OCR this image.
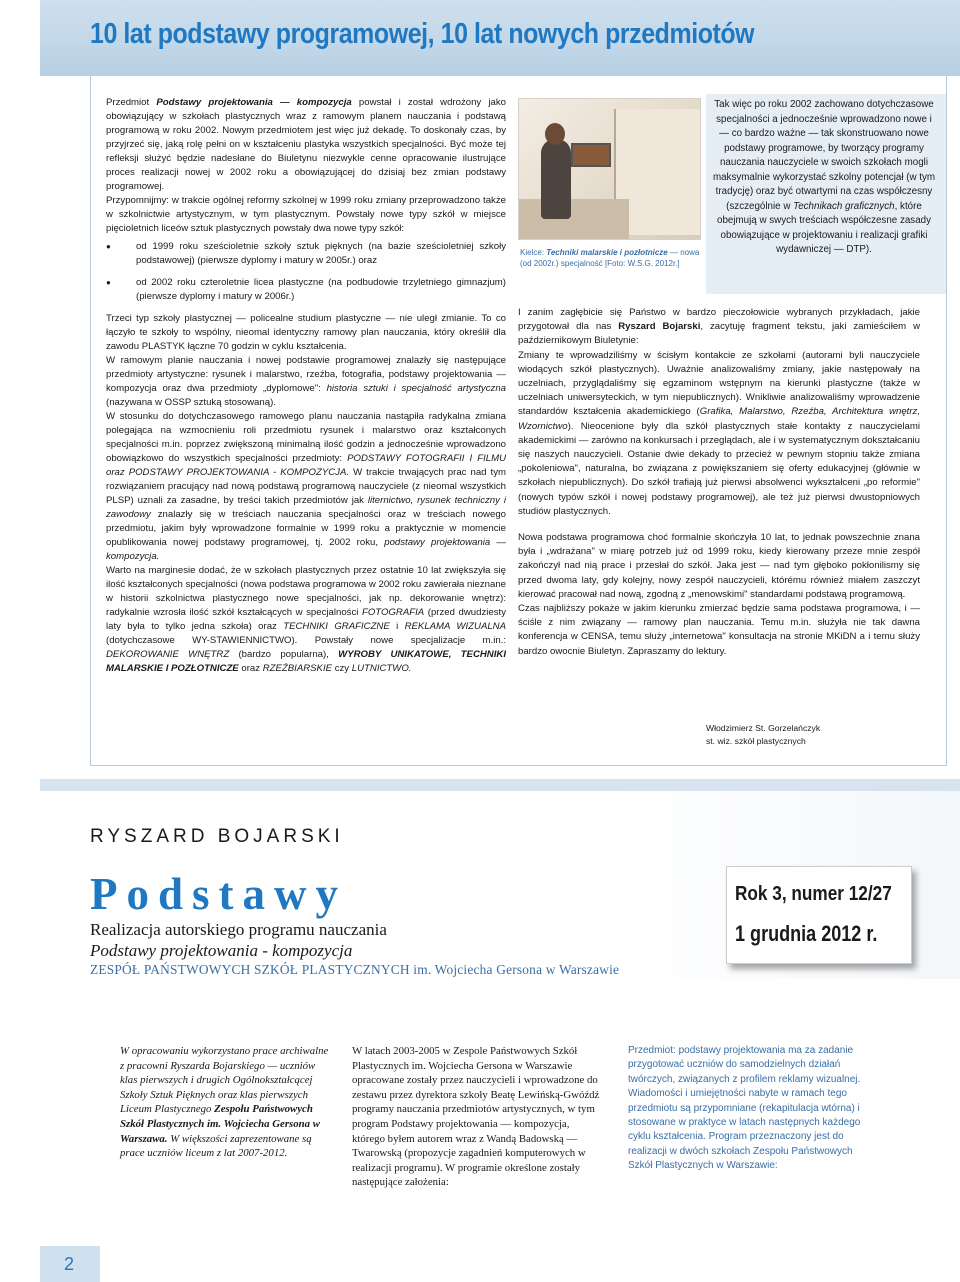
10 lat podstawy programowej, 10 lat nowych przedmiotów

Przedmiot Podstawy projektowania — kompozycja powstał i został wdrożony jako obowiązujący w szkołach plastycznych wraz z ramowym planem nauczania i podstawą programową w roku 2002. Nowym przedmiotem jest więc już dekadę. To doskonały czas, by przyjrzeć się, jaką rolę pełni on w kształceniu plastyka wszystkich specjalności. Być może tej refleksji służyć będzie nadesłane do Biuletynu niezwykle cenne opracowanie ilustrujące proces realizacji nowej w 2002 roku a obowiązującej do dzisiaj bez zmian podstawy programowej.

Przypomnijmy: w trakcie ogólnej reformy szkolnej w 1999 roku zmiany przeprowadzono także w szkolnictwie artystycznym, w tym plastycznym. Powstały nowe typy szkół w miejsce pięcioletnich liceów sztuk plastycznych powstały dwa nowe typy szkół:

● od 1999 roku sześcioletnie szkoły sztuk pięknych (na bazie sześcioletniej szkoły podstawowej) (pierwsze dyplomy i matury w 2005r.) oraz
● od 2002 roku czteroletnie licea plastyczne (na podbudowie trzyletniego gimnazjum) (pierwsze dyplomy i matury w 2006r.)

Trzeci typ szkoły plastycznej — policealne studium plastyczne — nie uległ zmianie. To co łączyło te szkoły to wspólny, nieomal identyczny ramowy plan nauczania, który określił dla zawodu PLASTYK łączne 70 godzin w cyklu kształcenia.

W ramowym planie nauczania i nowej podstawie programowej znalazły się następujące przedmioty artystyczne: rysunek i malarstwo, rzeźba, fotografia, podstawy projektowania — kompozycja oraz dwa przedmioty „dyplomowe": historia sztuki i specjalność artystyczna (nazywana w OSSP sztuką stosowaną).

W stosunku do dotychczasowego ramowego planu nauczania nastąpiła radykalna zmiana polegająca na wzmocnieniu roli przedmiotu rysunek i malarstwo oraz kształconych specjalności m.in. poprzez zwiększoną minimalną ilość godzin a jednocześnie wprowadzono obowiązkowo do wszystkich specjalności przedmioty: PODSTAWY FOTOGRAFII I FILMU oraz PODSTAWY PROJEKTOWANIA - KOMPOZYCJA. W trakcie trwających prac nad tym rozwiązaniem pracujący nad nową podstawą programową nauczyciele (z nieomal wszystkich PLSP) uznali za zasadne, by treści takich przedmiotów jak liternictwo, rysunek techniczny i zawodowy znalazły się w treściach nauczania specjalności oraz w treściach nowego przedmiotu, jakim były wprowadzone formalnie w 1999 roku a praktycznie w momencie opublikowania nowej podstawy programowej, tj. 2002 roku, podstawy projektowania — kompozycja.

Warto na marginesie dodać, że w szkołach plastycznych przez ostatnie 10 lat zwiększyła się ilość kształconych specjalności (nowa podstawa programowa w 2002 roku zawierała nieznane w historii szkolnictwa plastycznego nowe specjalności, jak np. dekorowanie wnętrz): radykalnie wzrosła ilość szkół kształcących w specjalności FOTOGRAFIA (przed dwudziesty laty była to tylko jedna szkoła) oraz TECHNIKI GRAFICZNE i REKLAMA WIZUALNA (dotychczasowe WY-STAWIENNICTWO). Powstały nowe specjalizacje m.in.: DEKOROWANIE WNĘTRZ (bardzo popularna), WYROBY UNIKATOWE, TECHNIKI MALARSKIE I POZŁOTNICZE oraz RZEŹBIARSKIE czy LUTNICTWO.

Kielce: Techniki malarskie i pozłotnicze — nowa (od 2002r.) specjalność [Foto: W.S.G. 2012r.]

Tak więc po roku 2002 zachowano dotychczasowe specjalności a jednocześnie wprowadzono nowe i — co bardzo ważne — tak skonstruowano nowe podstawy programowe, by tworzący programy nauczania nauczyciele w swoich szkołach mogli maksymalnie wykorzystać szkolny potencjał (w tym tradycję) oraz być otwartymi na czas współczesny (szczególnie w Technikach graficznych, które obejmują w swych treściach współczesne zasady obowiązujące w projektowaniu i realizacji grafiki wydawniczej — DTP).

I zanim zagłębicie się Państwo w bardzo pieczołowicie wybranych przykładach, jakie przygotował dla nas Ryszard Bojarski, zacytuję fragment tekstu, jaki zamieściłem w październikowym Biuletynie:

Zmiany te wprowadziliśmy w ścisłym kontakcie ze szkołami (autorami byli nauczyciele wiodących szkół plastycznych). Uważnie analizowaliśmy zmiany, jakie następowały na uczelniach, przyglądaliśmy się egzaminom wstępnym na kierunki plastyczne (także w uczelniach uniwersyteckich, w tym niepublicznych). Wnikliwie analizowaliśmy wprowadzenie standardów kształcenia akademickiego (Grafika, Malarstwo, Rzeźba, Architektura wnętrz, Wzornictwo). Nieocenione były dla szkół plastycznych stałe kontakty z nauczycielami akademickimi — zarówno na konkursach i przeglądach, ale i w systematycznym dokształcaniu się naszych nauczycieli. Ostanie dwie dekady to przecież w pewnym stopniu także zmiana „pokoleniowa", naturalna, bo związana z powiększaniem się oferty edukacyjnej (głównie w szkołach niepublicznych). Do szkół trafiają już pierwsi absolwenci wykształceni „po reformie" (nowych typów szkół i nowej podstawy programowej), ale też już pierwsi dwustopniowych studiów plastycznych.

Nowa podstawa programowa choć formalnie skończyła 10 lat, to jednak powszechnie znana była i „wdrażana" w miarę potrzeb już od 1999 roku, kiedy kierowany przeze mnie zespół zakończył nad nią prace i przesłał do szkół. Jaka jest — nad tym głęboko pokłonilismy się przed dwoma laty, gdy kolejny, nowy zespół nauczycieli, którému również miałem zaszczyt kierować pracował nad nową, zgodną z „menowskimi" standardami podstawą programową.

Czas najbliższy pokaże w jakim kierunku zmierzać będzie sama podstawa programowa, i — ściśle z nim związany — ramowy plan nauczania. Temu m.in. służyła nie tak dawna konferencja w CENSA, temu służy „internetowa" konsultacja na stronie MKiDN a i temu służy bardzo owocnie Biuletyn. Zapraszamy do lektury.

Włodzimierz St. Gorzelańczyk
st. wiz. szkół plastycznych
RYSZARD BOJARSKI
Podstawy
Realizacja autorskiego programu nauczania
Podstawy projektowania - kompozycja
ZESPÓŁ PAŃSTWOWYCH SZKÓŁ PLASTYCZNYCH im. Wojciecha Gersona w Warszawie
Rok 3, numer 12/27
1 grudnia 2012 r.
W opracowaniu wykorzystano prace archiwalne z pracowni Ryszarda Bojarskiego — uczniów klas pierwszych i drugich Ogólnokształcącej Szkoły Sztuk Pięknych oraz klas pierwszych Liceum Plastycznego Zespołu Państwowych Szkół Plastycznych im. Wojciecha Gersona w Warszawa. W większości zaprezentowane są prace uczniów liceum z lat 2007-2012.
W latach 2003-2005 w Zespole Państwowych Szkół Plastycznych im. Wojciecha Gersona w Warszawie opracowane zostały przez nauczycieli i wprowadzone do zestawu przez dyrektora szkoły Beatę Lewińską-Gwóźdź programy nauczania przedmiotów artystycznych, w tym program Podstawy projektowania — kompozycja, którego byłem autorem wraz z Wandą Badowską — Twarowską (propozycje zagadnień komputerowych w realizacji programu). W programie określone zostały następujące założenia:
Przedmiot: podstawy projektowania ma za zadanie przygotować uczniów do samodzielnych działań twórczych, związanych z profilem reklamy wizualnej. Wiadomości i umiejętności nabyte w ramach tego przedmiotu są przypomniane (rekapitulacja wtórna) i stosowane w praktyce w latach następnych każdego cyklu kształcenia. Program przeznaczony jest do realizacji w dwóch szkołach Zespołu Państwowych Szkół Plastycznych w Warszawie:
2
